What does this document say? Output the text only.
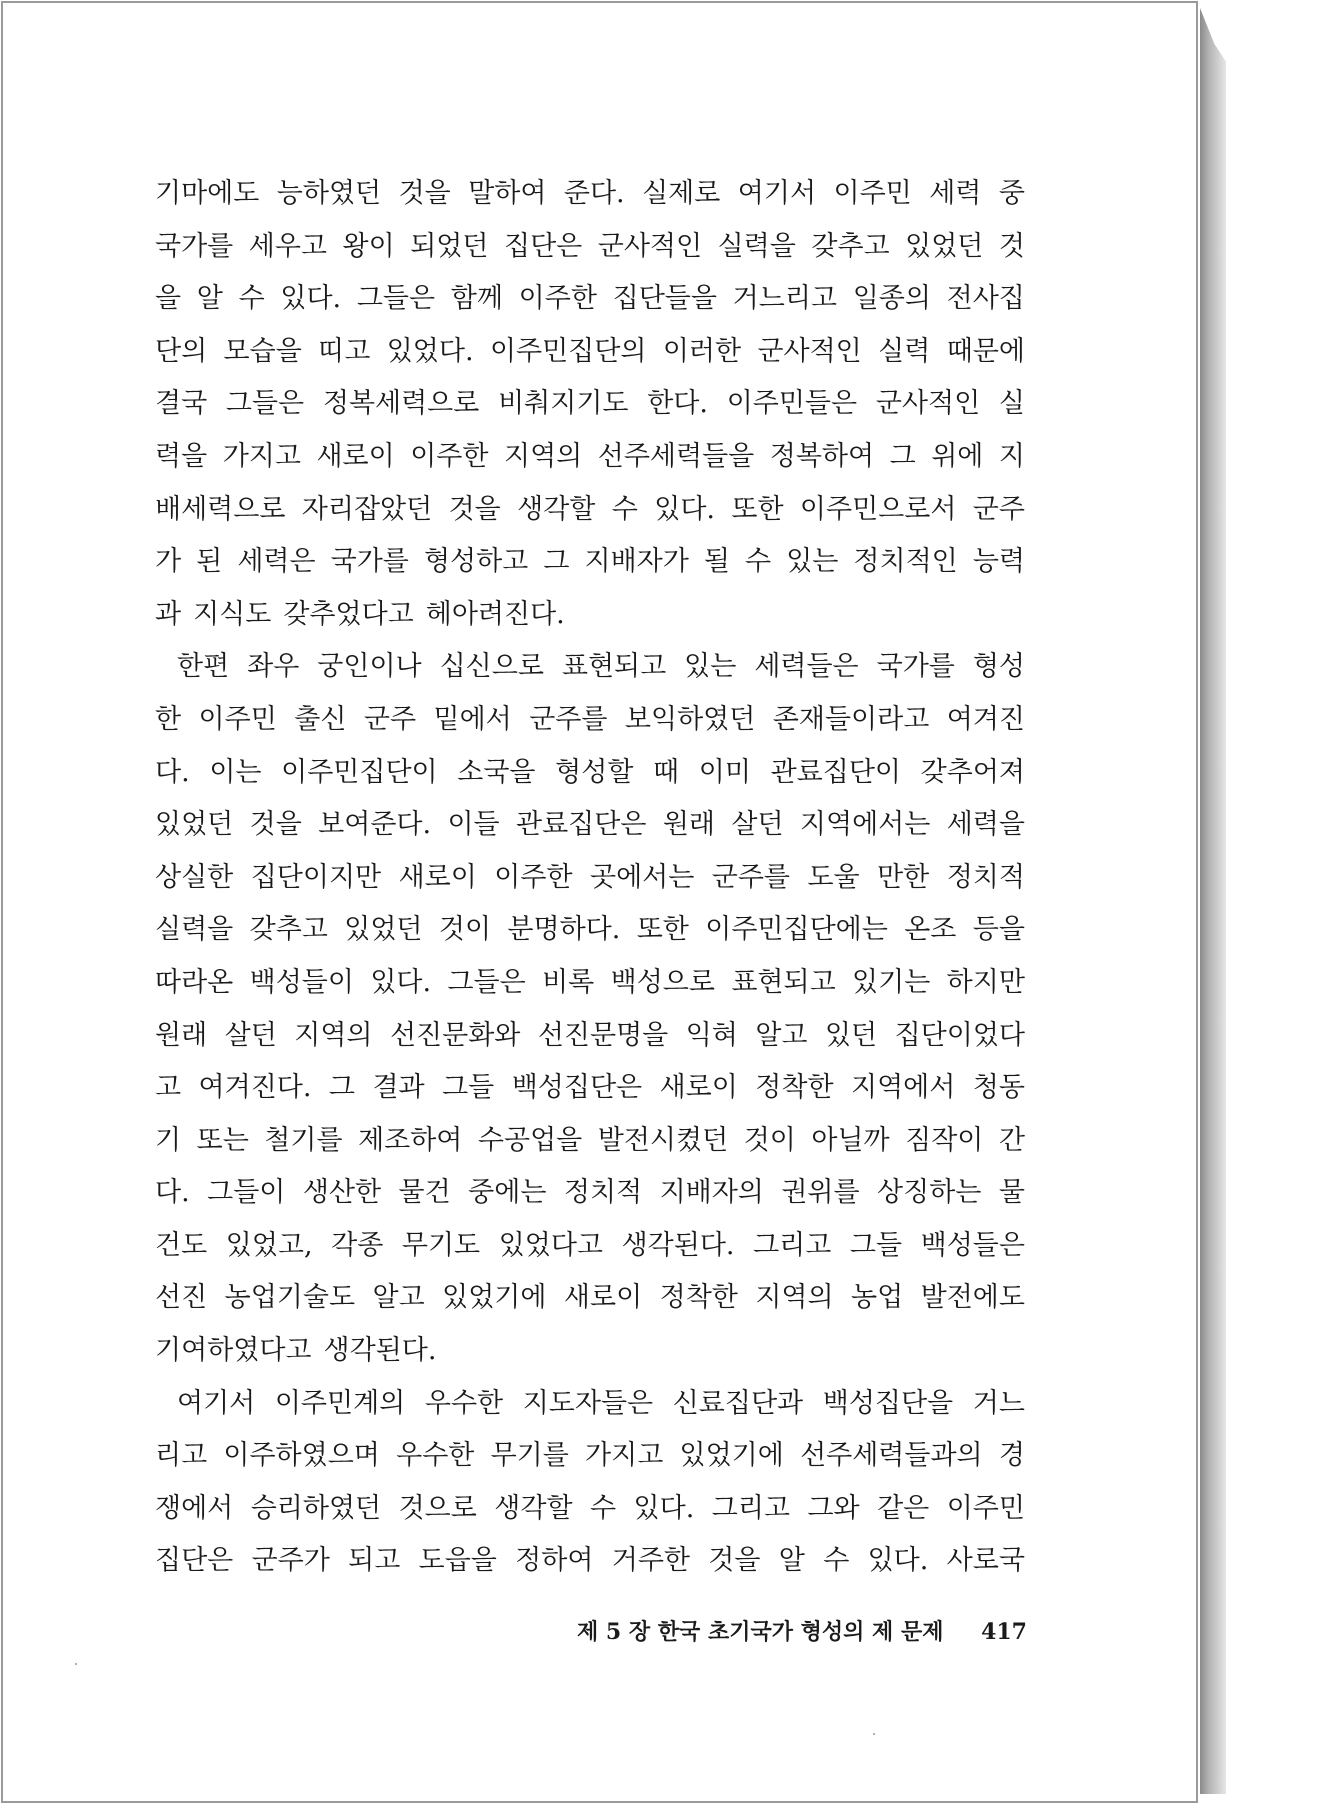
기마에도 능하였던 것을 말하여 준다. 실제로 여기서 이주민 세력 중
국가를 세우고 왕이 되었던 집단은 군사적인 실력을 갖추고 있었던 것
을 알 수 있다. 그들은 함께 이주한 집단들을 거느리고 일종의 전사집
단의 모습을 띠고 있었다. 이주민집단의 이러한 군사적인 실력 때문에
결국 그들은 정복세력으로 비춰지기도 한다. 이주민들은 군사적인 실
력을 가지고 새로이 이주한 지역의 선주세력들을 정복하여 그 위에 지
배세력으로 자리잡았던 것을 생각할 수 있다. 또한 이주민으로서 군주
가 된 세력은 국가를 형성하고 그 지배자가 될 수 있는 정치적인 능력
과 지식도 갖추었다고 헤아려진다.
한편 좌우 궁인이나 십신으로 표현되고 있는 세력들은 국가를 형성
한 이주민 출신 군주 밑에서 군주를 보익하였던 존재들이라고 여겨진
다. 이는 이주민집단이 소국을 형성할 때 이미 관료집단이 갖추어져
있었던 것을 보여준다. 이들 관료집단은 원래 살던 지역에서는 세력을
상실한 집단이지만 새로이 이주한 곳에서는 군주를 도울 만한 정치적
실력을 갖추고 있었던 것이 분명하다. 또한 이주민집단에는 온조 등을
따라온 백성들이 있다. 그들은 비록 백성으로 표현되고 있기는 하지만
원래 살던 지역의 선진문화와 선진문명을 익혀 알고 있던 집단이었다
고 여겨진다. 그 결과 그들 백성집단은 새로이 정착한 지역에서 청동
기 또는 철기를 제조하여 수공업을 발전시켰던 것이 아닐까 짐작이 간
다. 그들이 생산한 물건 중에는 정치적 지배자의 권위를 상징하는 물
건도 있었고, 각종 무기도 있었다고 생각된다. 그리고 그들 백성들은
선진 농업기술도 알고 있었기에 새로이 정착한 지역의 농업 발전에도
기여하였다고 생각된다.
여기서 이주민계의 우수한 지도자들은 신료집단과 백성집단을 거느
리고 이주하였으며 우수한 무기를 가지고 있었기에 선주세력들과의 경
쟁에서 승리하였던 것으로 생각할 수 있다. 그리고 그와 같은 이주민
집단은 군주가 되고 도읍을 정하여 거주한 것을 알 수 있다. 사로국
제 5 장 한국 초기국가 형성의 제 문제 417
